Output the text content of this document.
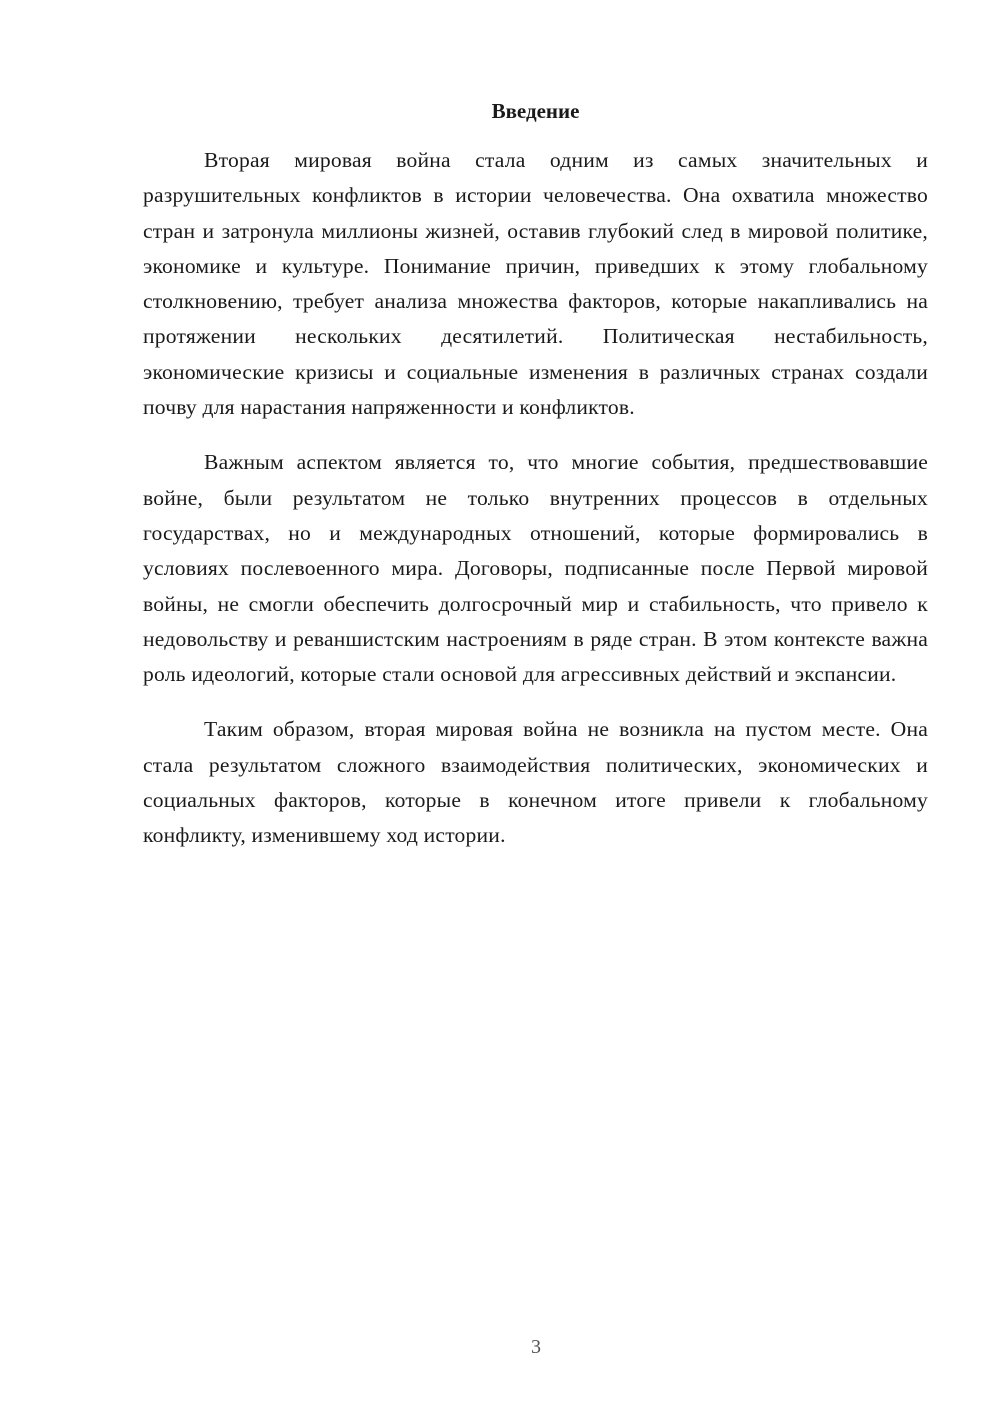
Введение

Вторая мировая война стала одним из самых значительных и разрушительных конфликтов в истории человечества. Она охватила множество стран и затронула миллионы жизней, оставив глубокий след в мировой политике, экономике и культуре. Понимание причин, приведших к этому глобальному столкновению, требует анализа множества факторов, которые накапливались на протяжении нескольких десятилетий. Политическая нестабильность, экономические кризисы и социальные изменения в различных странах создали почву для нарастания напряженности и конфликтов.

Важным аспектом является то, что многие события, предшествовавшие войне, были результатом не только внутренних процессов в отдельных государствах, но и международных отношений, которые формировались в условиях послевоенного мира. Договоры, подписанные после Первой мировой войны, не смогли обеспечить долгосрочный мир и стабильность, что привело к недовольству и реваншистским настроениям в ряде стран. В этом контексте важна роль идеологий, которые стали основой для агрессивных действий и экспансии.

Таким образом, вторая мировая война не возникла на пустом месте. Она стала результатом сложного взаимодействия политических, экономических и социальных факторов, которые в конечном итоге привели к глобальному конфликту, изменившему ход истории.

3
